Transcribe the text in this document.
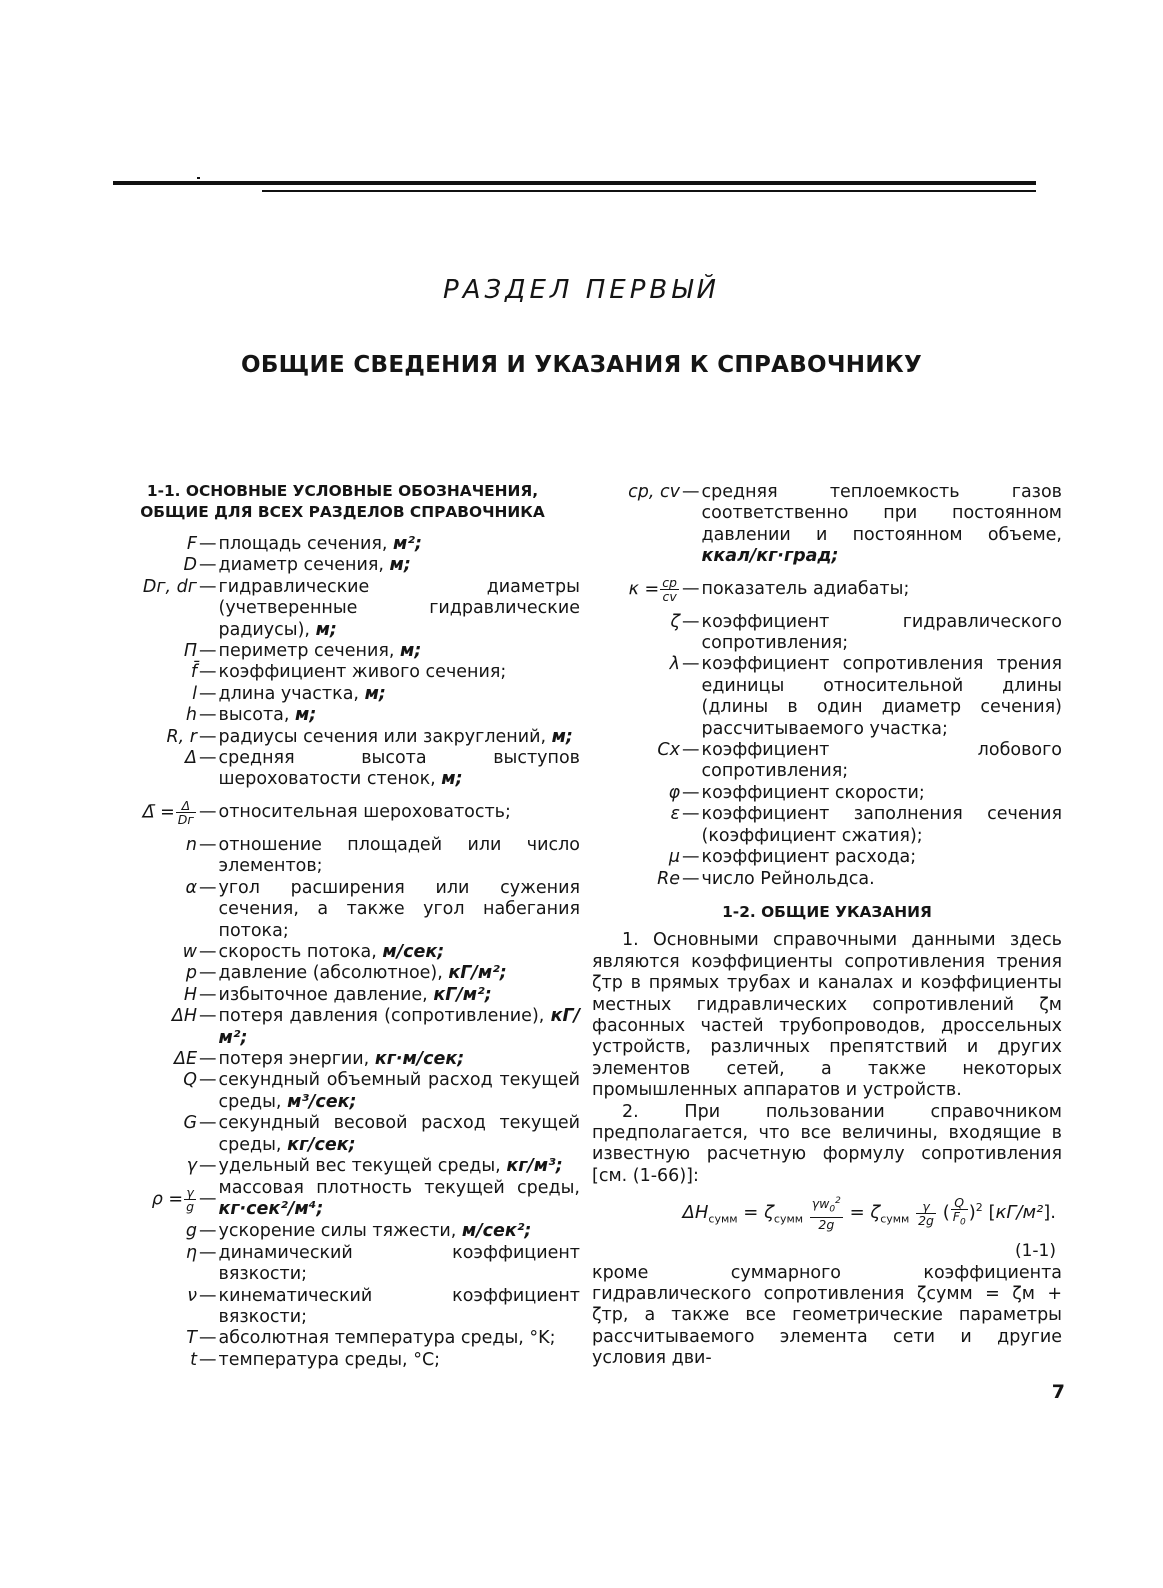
РАЗДЕЛ ПЕРВЫЙ
ОБЩИЕ СВЕДЕНИЯ И УКАЗАНИЯ К СПРАВОЧНИКУ
1-1. ОСНОВНЫЕ УСЛОВНЫЕ ОБОЗНАЧЕНИЯ,
ОБЩИЕ ДЛЯ ВСЕХ РАЗДЕЛОВ СПРАВОЧНИКА
F — площадь сечения, м²;
D — диаметр сечения, м;
Dг, dг — гидравлические диаметры (учетверенные гидравлические радиусы), м;
П — периметр сечения, м;
f̄ — коэффициент живого сечения;
l — длина участка, м;
h — высота, м;
R, r — радиусы сечения или закруглений, м;
Δ — средняя высота выступов шероховатости стенок, м;
Δ̄ = $\frac{\Delta}{Dг}$ — относительная шероховатость;
n — отношение площадей или число элементов;
α — угол расширения или сужения сечения, а также угол набегания потока;
w — скорость потока, м/сек;
p — давление (абсолютное), кГ/м²;
H — избыточное давление, кГ/м²;
ΔH — потеря давления (сопротивление), кГ/м²;
ΔE — потеря энергии, кг·м/сек;
Q — секундный объемный расход текущей среды, м³/сек;
G — секундный весовой расход текущей среды, кг/сек;
γ — удельный вес текущей среды, кг/м³;
$\rho = \frac{\gamma}{g}$ —
массовая плотность текущей среды, кг·сек²/м⁴;
g — ускорение силы тяжести, м/сек²;
η — динамический коэффициент вязкости;
ν — кинематический коэффициент вязкости;
T — абсолютная температура среды, °K;
t — температура среды, °C;
cp, cv — средняя теплоемкость газов соответственно при постоянном давлении и постоянном объеме, ккал/кг·град;
$\kappa = \frac{cp}{cv}$ — показатель адиабаты;
ζ — коэффициент гидравлического сопротивления;
λ — коэффициент сопротивления трения единицы относительной длины (длины в один диаметр сечения) рассчитываемого участка;
Cx — коэффициент лобового сопротивления;
φ — коэффициент скорости;
ε — коэффициент заполнения сечения (коэффициент сжатия);
μ — коэффициент расхода;
Re — число Рейнольдса.
1-2. ОБЩИЕ УКАЗАНИЯ

1. Основными справочными данными здесь являются коэффициенты сопротивления трения ζтр в прямых трубах и каналах и коэффициенты местных гидравлических сопротивлений ζм фасонных частей трубопроводов, дроссельных устройств, различных препятствий и других элементов сетей, а также некоторых промышленных аппаратов и устройств.

2. При пользовании справочником предполагается, что все величины, входящие в известную расчетную формулу сопротивления [см. (1-66)]:

$\Delta H_{сумм} = \zeta_{сумм} \frac{\gamma w_0^2}{2g} = \zeta_{сумм} \frac{\gamma}{2g}$ ( $\frac{Q}{F_0} )^2$ [кГ/м²].
(1-1)

кроме суммарного коэффициента гидравлического сопротивления ζсумм = ζм + ζтр, а также все геометрические параметры рассчитываемого элемента сети и другие условия дви-

7
